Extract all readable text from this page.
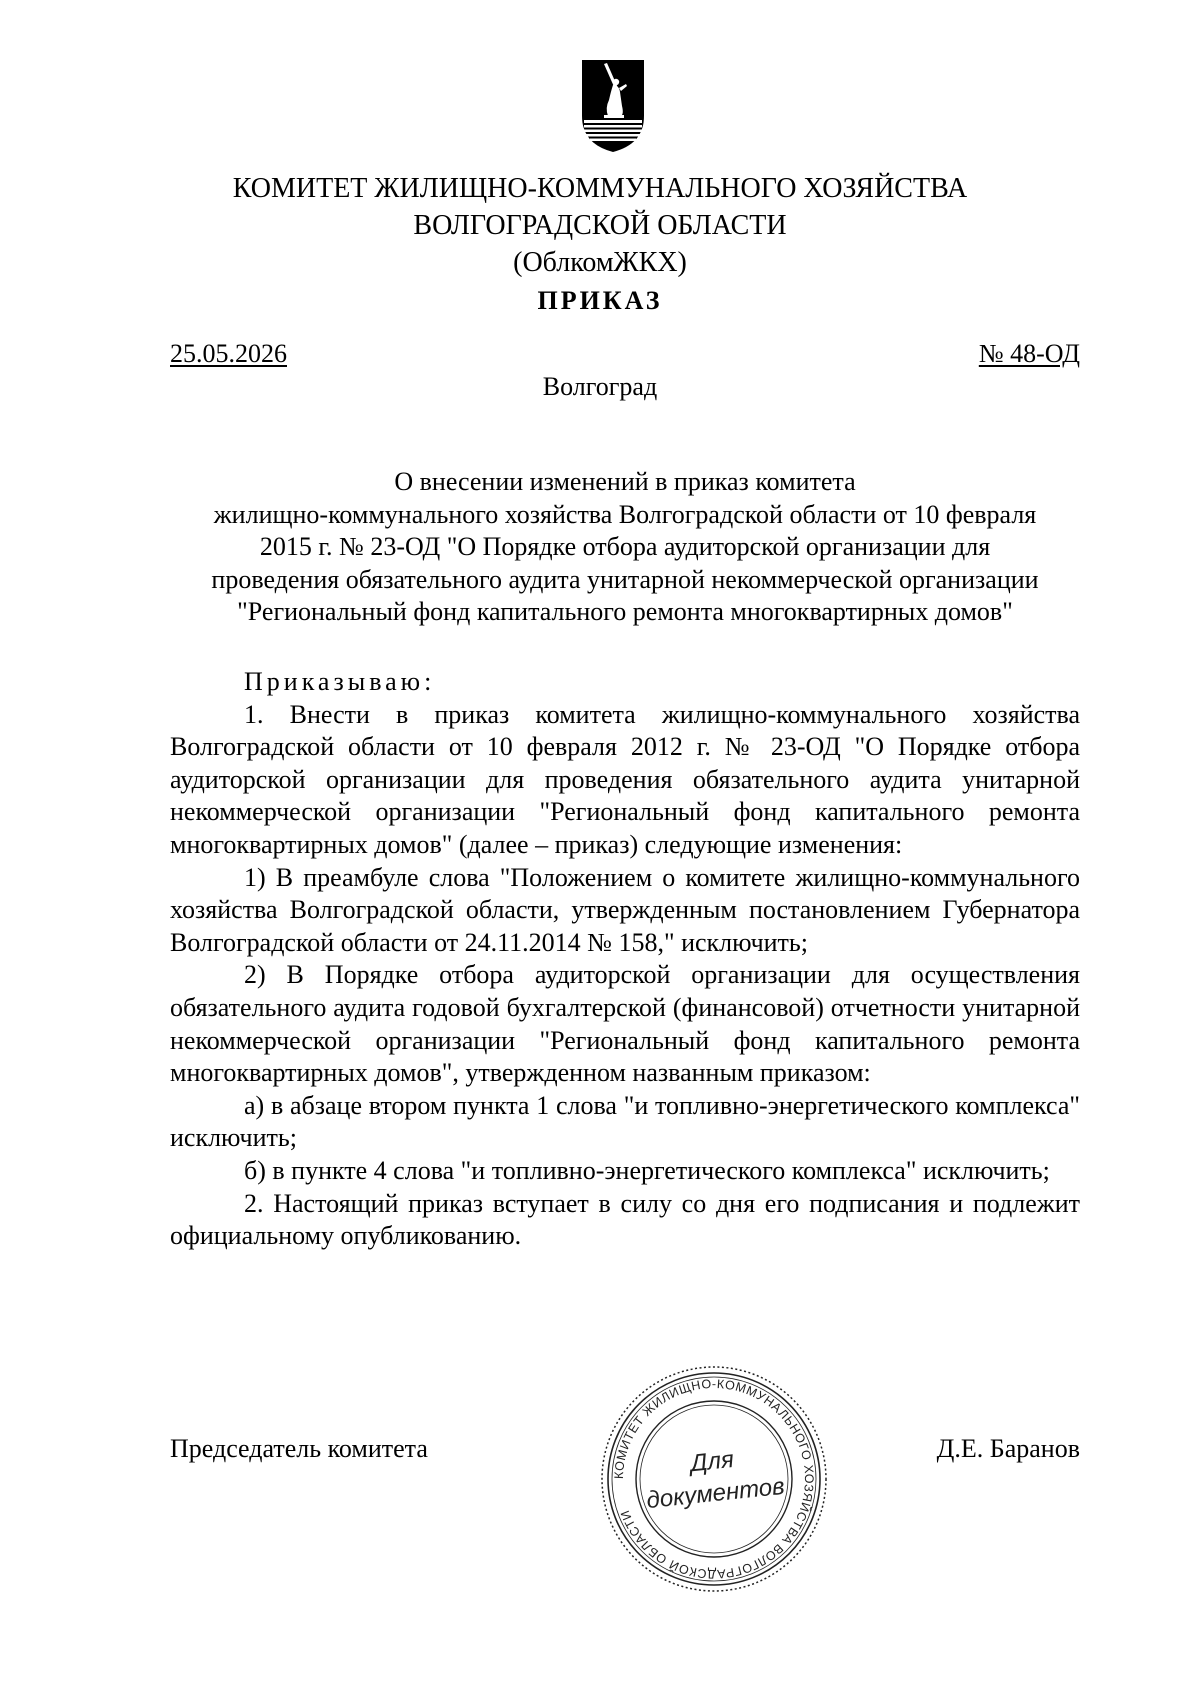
КОМИТЕТ ЖИЛИЩНО-КОММУНАЛЬНОГО ХОЗЯЙСТВА
ВОЛГОГРАДСКОЙ ОБЛАСТИ
(ОблкомЖКХ)
ПРИКАЗ
25.05.2026	№ 48-ОД
Волгоград
О внесении изменений в приказ комитета
жилищно-коммунального хозяйства Волгоградской области от 10 февраля
2015 г. № 23-ОД "О Порядке отбора аудиторской организации для
проведения обязательного аудита унитарной некоммерческой организации
"Региональный фонд капитального ремонта многоквартирных домов"

Приказываю:

1. Внести в приказ комитета жилищно-коммунального хозяйства Волгоградской области от 10 февраля 2012 г. № 23-ОД "О Порядке отбора аудиторской организации для проведения обязательного аудита унитарной некоммерческой организации "Региональный фонд капитального ремонта многоквартирных домов" (далее – приказ) следующие изменения:

1) В преамбуле слова "Положением о комитете жилищно-коммунального хозяйства Волгоградской области, утвержденным постановлением Губернатора Волгоградской области от 24.11.2014 № 158," исключить;

2) В Порядке отбора аудиторской организации для осуществления обязательного аудита годовой бухгалтерской (финансовой) отчетности унитарной некоммерческой организации "Региональный фонд капитального ремонта многоквартирных домов", утвержденном названным приказом:

а) в абзаце втором пункта 1 слова "и топливно-энергетического комплекса" исключить;

б) в пункте 4 слова "и топливно-энергетического комплекса" исключить;

2. Настоящий приказ вступает в силу со дня его подписания и подлежит официальному опубликованию.

Председатель комитета	Д.Е. Баранов
КОМИТЕТ ЖИЛИЩНО-КОММУНАЛЬНОГО ХОЗЯЙСТВА ВОЛГОГРАДСКОЙ ОБЛАСТИ
Для
документов
